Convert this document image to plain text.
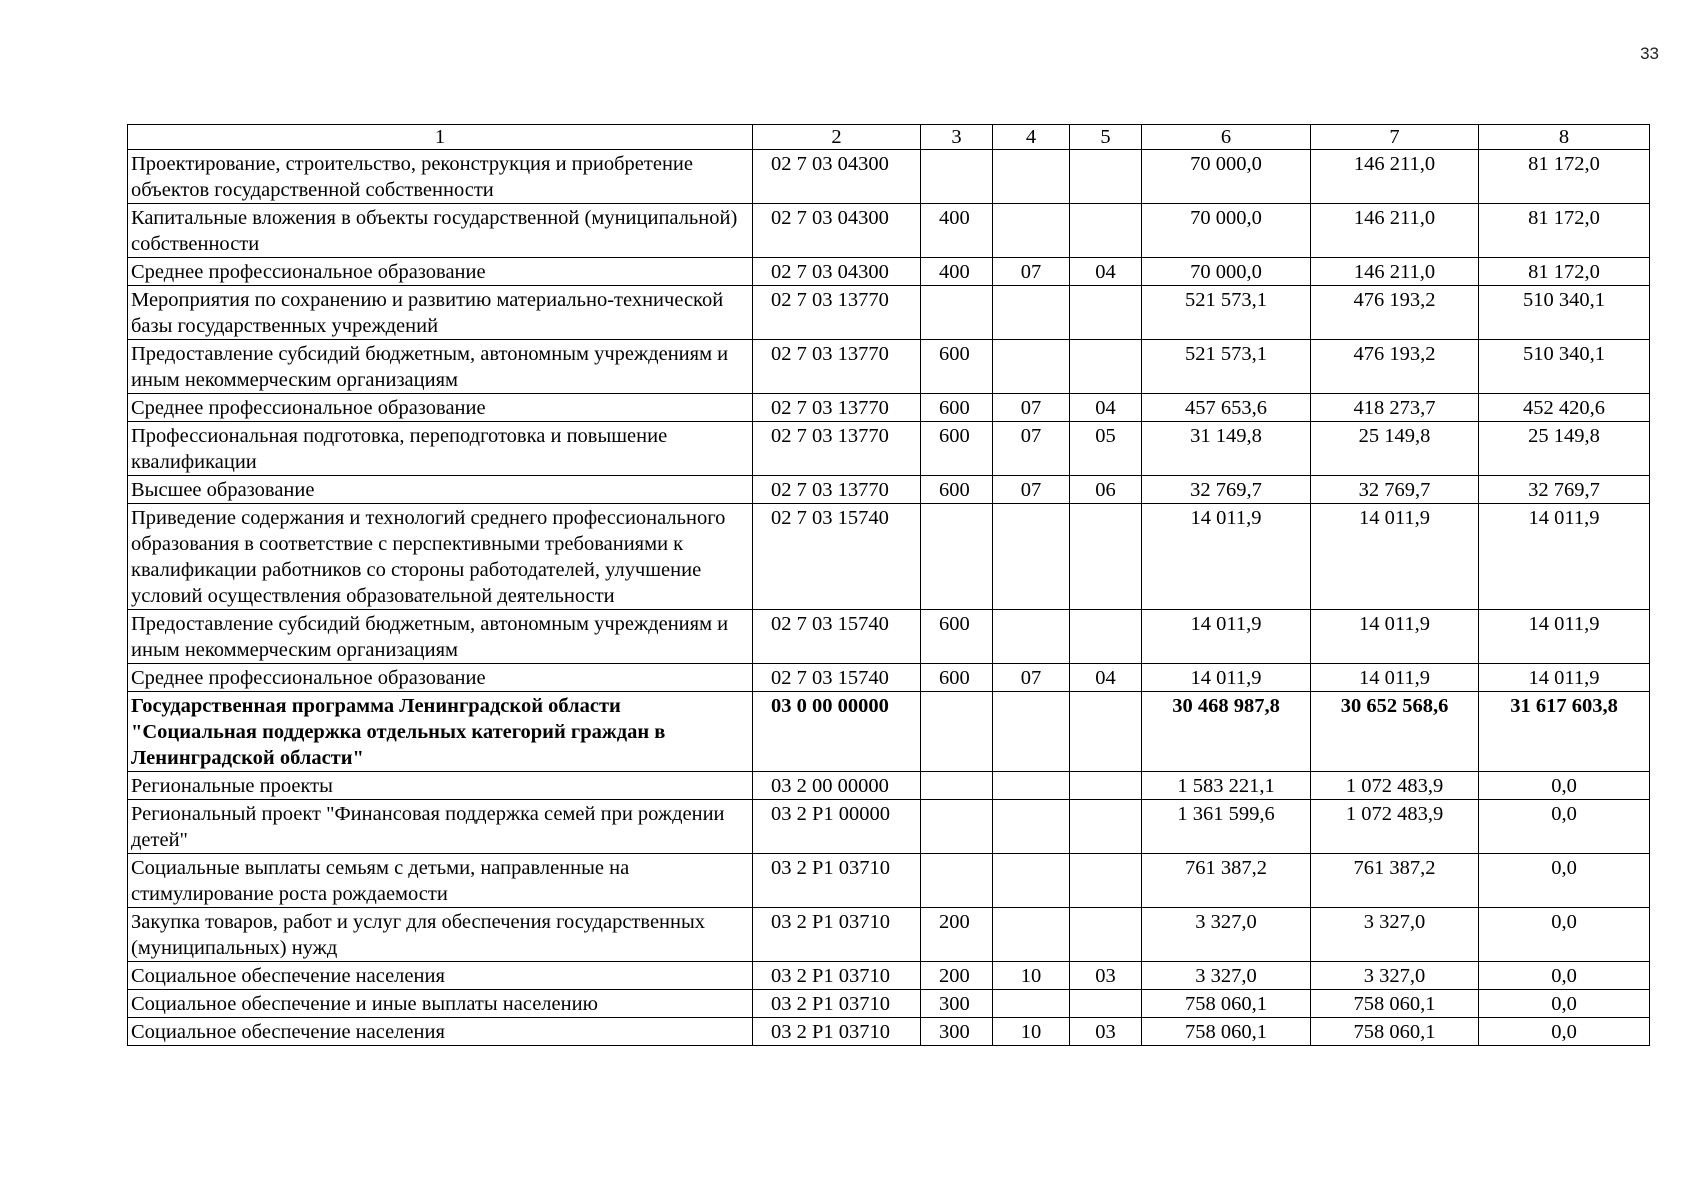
33
1	2	3	4	5	6	7	8
Проектирование, строительство, реконструкция и приобретение объектов государственной собственности	02 7 03 04300				70 000,0	146 211,0	81 172,0
Капитальные вложения в объекты государственной (муниципальной) собственности	02 7 03 04300	400			70 000,0	146 211,0	81 172,0
Среднее профессиональное образование	02 7 03 04300	400	07	04	70 000,0	146 211,0	81 172,0
Мероприятия по сохранению и развитию материально-технической базы государственных учреждений	02 7 03 13770				521 573,1	476 193,2	510 340,1
Предоставление субсидий бюджетным, автономным учреждениям и иным некоммерческим организациям	02 7 03 13770	600			521 573,1	476 193,2	510 340,1
Среднее профессиональное образование	02 7 03 13770	600	07	04	457 653,6	418 273,7	452 420,6
Профессиональная подготовка, переподготовка и повышение квалификации	02 7 03 13770	600	07	05	31 149,8	25 149,8	25 149,8
Высшее образование	02 7 03 13770	600	07	06	32 769,7	32 769,7	32 769,7
Приведение содержания и технологий среднего профессионального образования в соответствие с перспективными требованиями к квалификации работников со стороны работодателей, улучшение условий осуществления образовательной деятельности	02 7 03 15740				14 011,9	14 011,9	14 011,9
Предоставление субсидий бюджетным, автономным учреждениям и иным некоммерческим организациям	02 7 03 15740	600			14 011,9	14 011,9	14 011,9
Среднее профессиональное образование	02 7 03 15740	600	07	04	14 011,9	14 011,9	14 011,9
Государственная программа Ленинградской области "Социальная поддержка отдельных категорий граждан в Ленинградской области"	03 0 00 00000				30 468 987,8	30 652 568,6	31 617 603,8
Региональные проекты	03 2 00 00000				1 583 221,1	1 072 483,9	0,0
Региональный проект "Финансовая поддержка семей при рождении детей"	03 2 P1 00000				1 361 599,6	1 072 483,9	0,0
Социальные выплаты семьям с детьми, направленные на стимулирование роста рождаемости	03 2 P1 03710				761 387,2	761 387,2	0,0
Закупка товаров, работ и услуг для обеспечения государственных (муниципальных) нужд	03 2 P1 03710	200			3 327,0	3 327,0	0,0
Социальное обеспечение населения	03 2 P1 03710	200	10	03	3 327,0	3 327,0	0,0
Социальное обеспечение и иные выплаты населению	03 2 P1 03710	300			758 060,1	758 060,1	0,0
Социальное обеспечение населения	03 2 P1 03710	300	10	03	758 060,1	758 060,1	0,0
